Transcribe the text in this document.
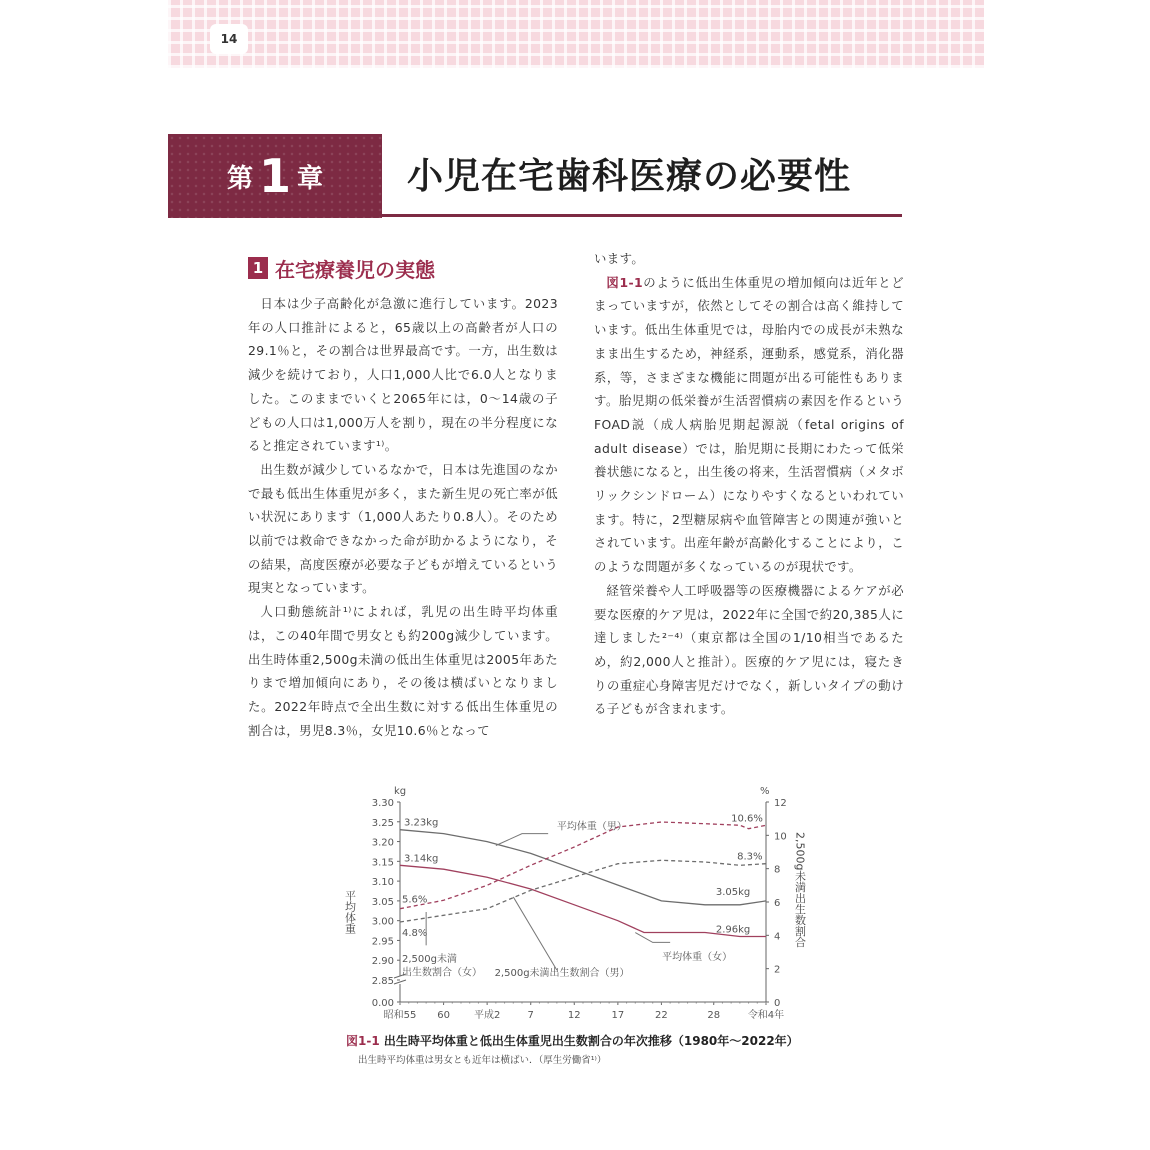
14
第 1 章 小児在宅歯科医療の必要性
1 在宅療養児の実態

日本は少子高齢化が急激に進行しています。2023年の人口推計によると，65歳以上の高齢者が人口の29.1％と，その割合は世界最高です。一方，出生数は減少を続けており，人口1,000人比で6.0人となりました。このままでいくと2065年には，0〜14歳の子どもの人口は1,000万人を割り，現在の半分程度になると推定されています¹⁾。

出生数が減少しているなかで，日本は先進国のなかで最も低出生体重児が多く，また新生児の死亡率が低い状況にあります（1,000人あたり0.8人）。そのため以前では救命できなかった命が助かるようになり，その結果，高度医療が必要な子どもが増えているという現実となっています。

人口動態統計¹⁾によれば，乳児の出生時平均体重は，この40年間で男女とも約200g減少しています。出生時体重2,500g未満の低出生体重児は2005年あたりまで増加傾向にあり，その後は横ばいとなりました。2022年時点で全出生数に対する低出生体重児の割合は，男児8.3％，女児10.6％となって

います。

図1-1のように低出生体重児の増加傾向は近年とどまっていますが，依然としてその割合は高く維持しています。低出生体重児では，母胎内での成長が未熟なまま出生するため，神経系，運動系，感覚系，消化器系，等，さまざまな機能に問題が出る可能性もあります。胎児期の低栄養が生活習慣病の素因を作るというFOAD説（成人病胎児期起源説（fetal origins of adult disease）では，胎児期に長期にわたって低栄養状態になると，出生後の将来，生活習慣病（メタボリックシンドローム）になりやすくなるといわれています。特に，2型糖尿病や血管障害との関連が強いとされています。出産年齢が高齢化することにより，このような問題が多くなっているのが現状です。

経管栄養や人工呼吸器等の医療機器によるケアが必要な医療的ケア児は，2022年に全国で約20,385人に達しました²⁻⁴⁾（東京都は全国の1/10相当であるため，約2,000人と推計）。医療的ケア児には，寝たきりの重症心身障害児だけでなく，新しいタイプの動ける子どもが含まれます。

kg	%
0.00
2.85
2.90
2.95
3.00
3.05
3.10
3.15
3.20
3.25
3.30
0
2
4
6
8
10
12
昭和55 60 平成2	7	12	17	22	28	令和4年
平均体重	2,500g未満出生数割合
3.23kg
3.14kg
3.05kg
2.96kg
5.6%
4.8%
10.6%
8.3%
平均体重（男）
平均体重（女）
2,500g未満出生数割合（男）
2,500g未満
出生数割合（女）
図1-1 出生時平均体重と低出生体重児出生数割合の年次推移（1980年〜2022年）
出生時平均体重は男女とも近年は横ばい．（厚生労働省¹⁾）
